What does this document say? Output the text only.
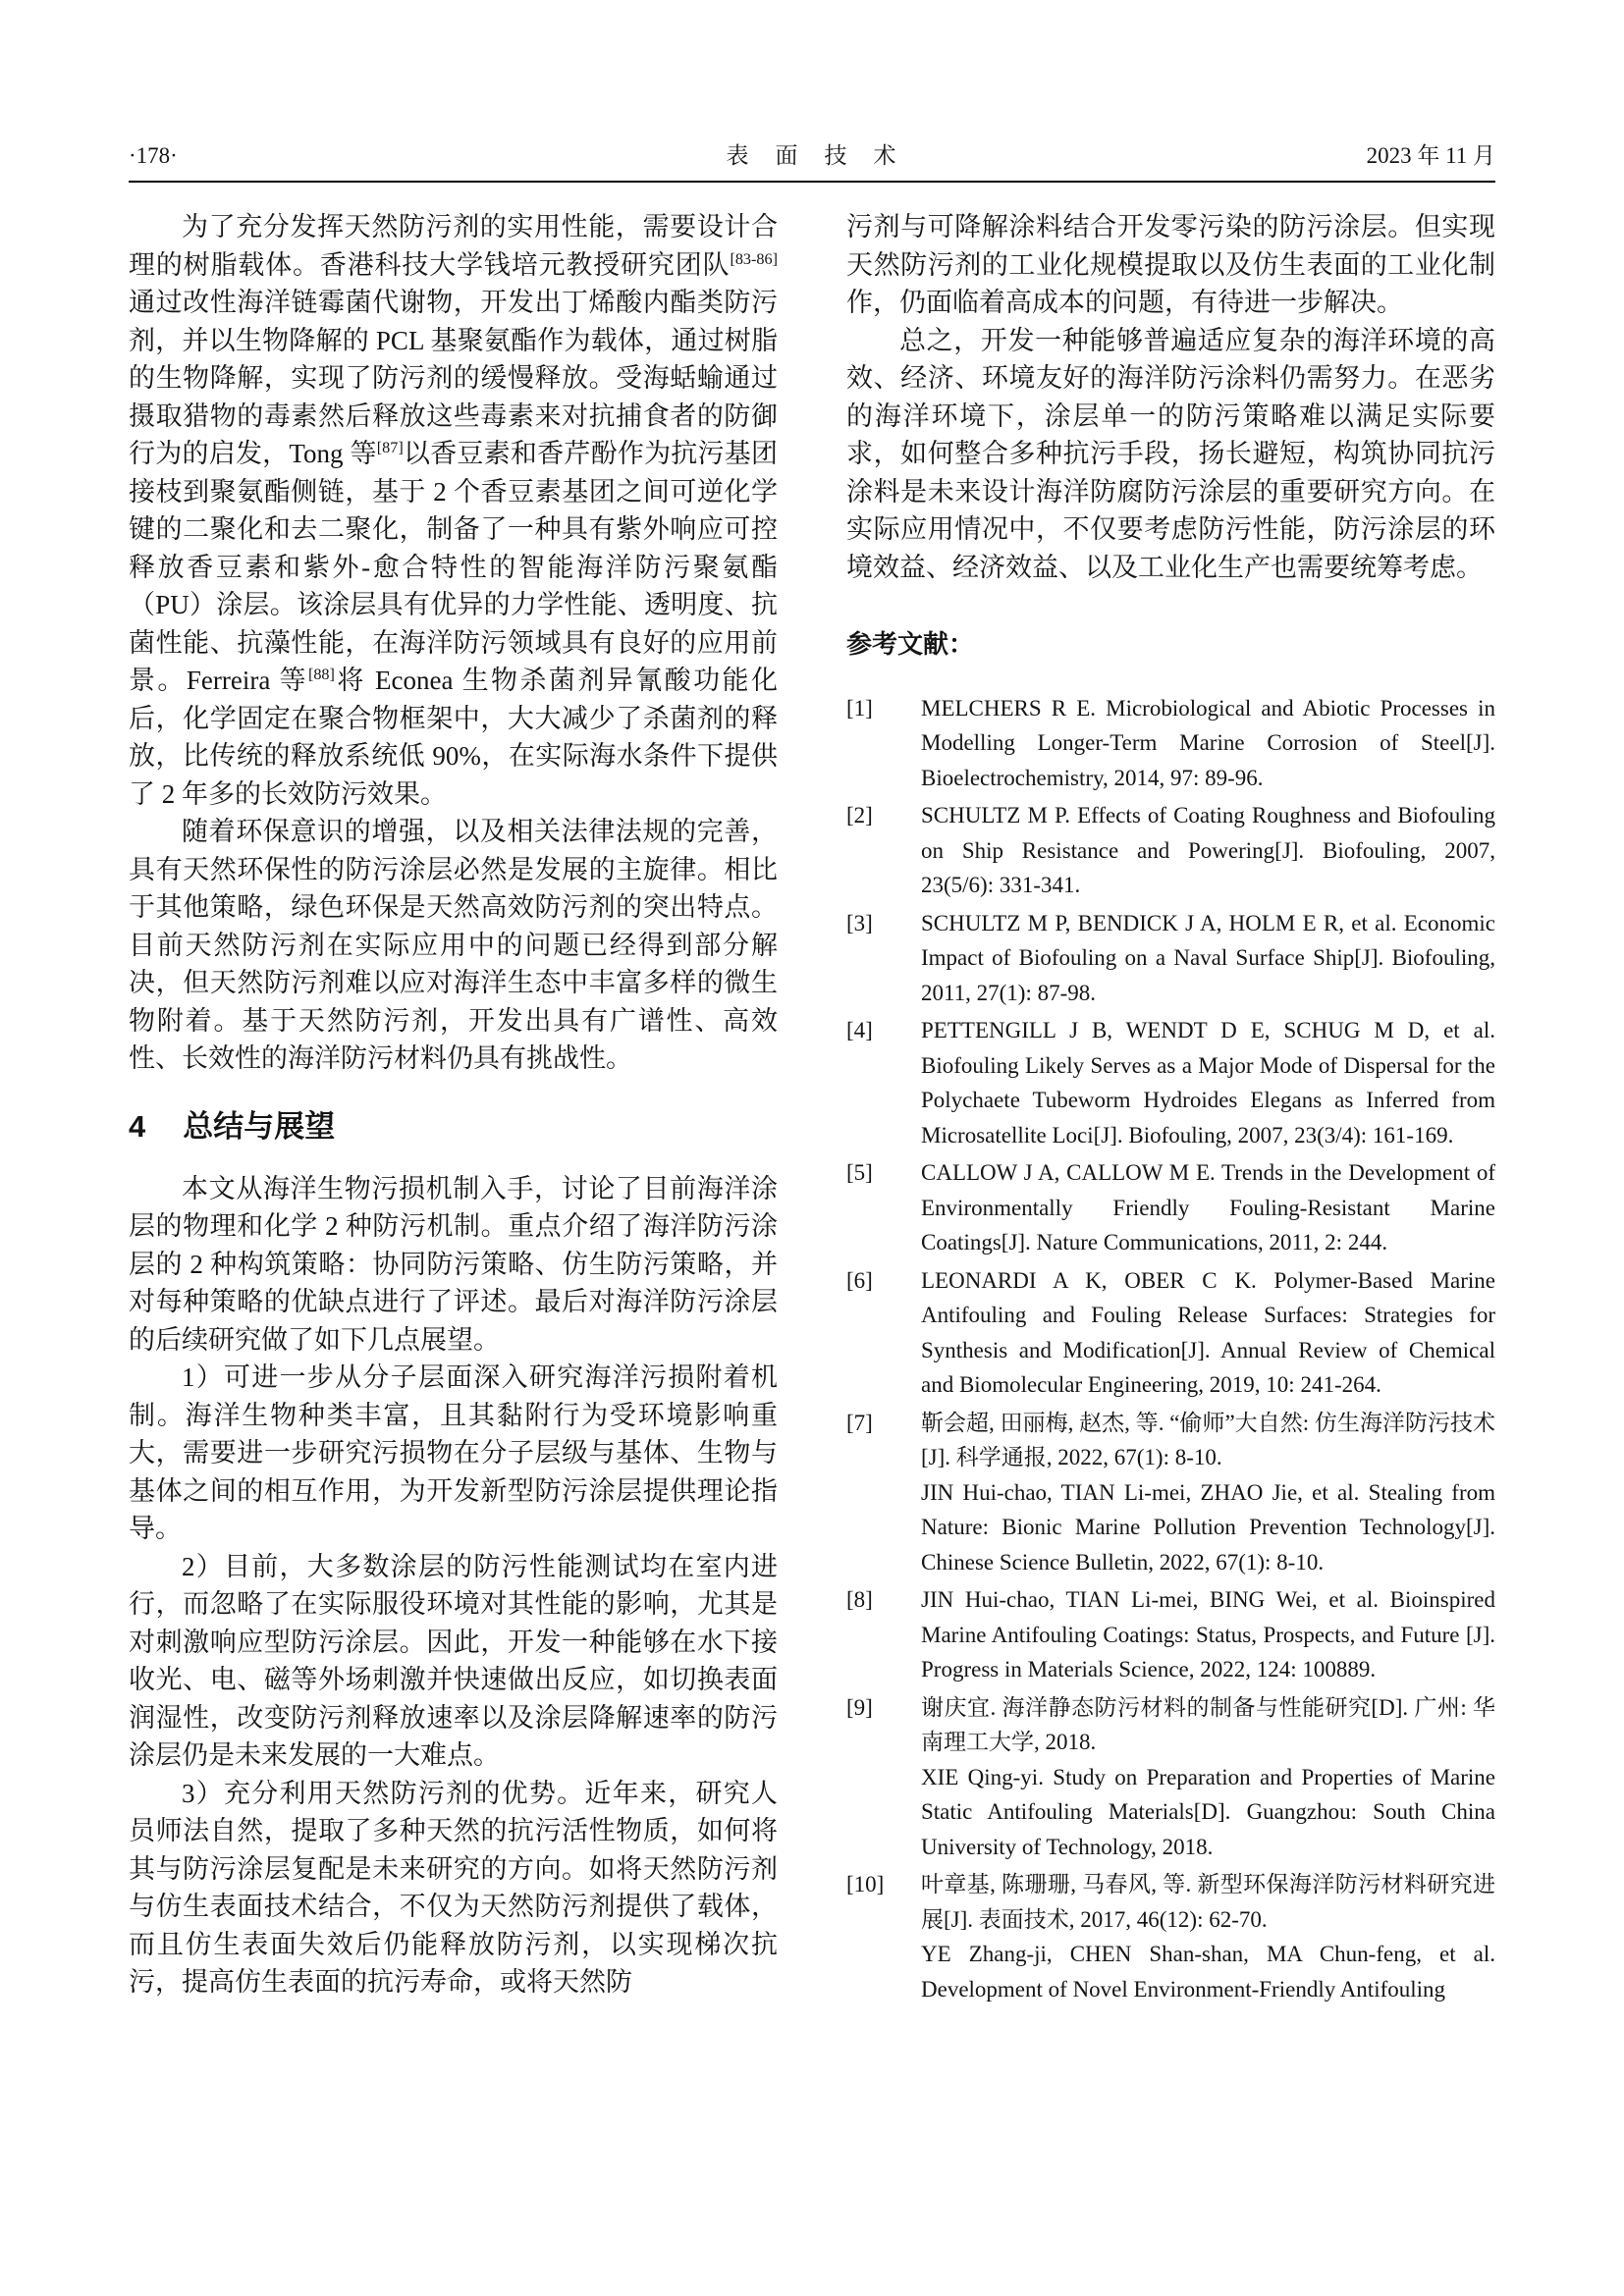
·178·	表　面　技　术	2023 年 11 月

为了充分发挥天然防污剂的实用性能，需要设计合理的树脂载体。香港科技大学钱培元教授研究团队[83-86]通过改性海洋链霉菌代谢物，开发出丁烯酸内酯类防污剂，并以生物降解的 PCL 基聚氨酯作为载体，通过树脂的生物降解，实现了防污剂的缓慢释放。受海蛞蝓通过摄取猎物的毒素然后释放这些毒素来对抗捕食者的防御行为的启发，Tong 等[87]以香豆素和香芹酚作为抗污基团接枝到聚氨酯侧链，基于 2 个香豆素基团之间可逆化学键的二聚化和去二聚化，制备了一种具有紫外响应可控释放香豆素和紫外-愈合特性的智能海洋防污聚氨酯（PU）涂层。该涂层具有优异的力学性能、透明度、抗菌性能、抗藻性能，在海洋防污领域具有良好的应用前景。Ferreira 等[88]将 Econea 生物杀菌剂异氰酸功能化后，化学固定在聚合物框架中，大大减少了杀菌剂的释放，比传统的释放系统低 90%，在实际海水条件下提供了 2 年多的长效防污效果。

随着环保意识的增强，以及相关法律法规的完善，具有天然环保性的防污涂层必然是发展的主旋律。相比于其他策略，绿色环保是天然高效防污剂的突出特点。目前天然防污剂在实际应用中的问题已经得到部分解决，但天然防污剂难以应对海洋生态中丰富多样的微生物附着。基于天然防污剂，开发出具有广谱性、高效性、长效性的海洋防污材料仍具有挑战性。

4 总结与展望

本文从海洋生物污损机制入手，讨论了目前海洋涂层的物理和化学 2 种防污机制。重点介绍了海洋防污涂层的 2 种构筑策略：协同防污策略、仿生防污策略，并对每种策略的优缺点进行了评述。最后对海洋防污涂层的后续研究做了如下几点展望。

1）可进一步从分子层面深入研究海洋污损附着机制。海洋生物种类丰富，且其黏附行为受环境影响重大，需要进一步研究污损物在分子层级与基体、生物与基体之间的相互作用，为开发新型防污涂层提供理论指导。

2）目前，大多数涂层的防污性能测试均在室内进行，而忽略了在实际服役环境对其性能的影响，尤其是对刺激响应型防污涂层。因此，开发一种能够在水下接收光、电、磁等外场刺激并快速做出反应，如切换表面润湿性，改变防污剂释放速率以及涂层降解速率的防污涂层仍是未来发展的一大难点。

3）充分利用天然防污剂的优势。近年来，研究人员师法自然，提取了多种天然的抗污活性物质，如何将其与防污涂层复配是未来研究的方向。如将天然防污剂与仿生表面技术结合，不仅为天然防污剂提供了载体，而且仿生表面失效后仍能释放防污剂，以实现梯次抗污，提高仿生表面的抗污寿命，或将天然防

污剂与可降解涂料结合开发零污染的防污涂层。但实现天然防污剂的工业化规模提取以及仿生表面的工业化制作，仍面临着高成本的问题，有待进一步解决。

总之，开发一种能够普遍适应复杂的海洋环境的高效、经济、环境友好的海洋防污涂料仍需努力。在恶劣的海洋环境下，涂层单一的防污策略难以满足实际要求，如何整合多种抗污手段，扬长避短，构筑协同抗污涂料是未来设计海洋防腐防污涂层的重要研究方向。在实际应用情况中，不仅要考虑防污性能，防污涂层的环境效益、经济效益、以及工业化生产也需要统筹考虑。

参考文献：
[1]	MELCHERS R E. Microbiological and Abiotic Processes in Modelling Longer-Term Marine Corrosion of Steel[J]. Bioelectrochemistry, 2014, 97: 89-96.
[2]	SCHULTZ M P. Effects of Coating Roughness and Biofouling on Ship Resistance and Powering[J]. Biofouling, 2007, 23(5/6): 331-341.
[3]	SCHULTZ M P, BENDICK J A, HOLM E R, et al. Economic Impact of Biofouling on a Naval Surface Ship[J]. Biofouling, 2011, 27(1): 87-98.
[4]	PETTENGILL J B, WENDT D E, SCHUG M D, et al. Biofouling Likely Serves as a Major Mode of Dispersal for the Polychaete Tubeworm Hydroides Elegans as Inferred from Microsatellite Loci[J]. Biofouling, 2007, 23(3/4): 161-169.
[5]	CALLOW J A, CALLOW M E. Trends in the Development of Environmentally Friendly Fouling-Resistant Marine Coatings[J]. Nature Communications, 2011, 2: 244.
[6]	LEONARDI A K, OBER C K. Polymer-Based Marine Antifouling and Fouling Release Surfaces: Strategies for Synthesis and Modification[J]. Annual Review of Chemical and Biomolecular Engineering, 2019, 10: 241-264.
[7]	靳会超, 田丽梅, 赵杰, 等. “偷师”大自然: 仿生海洋防污技术[J]. 科学通报, 2022, 67(1): 8-10.
JIN Hui-chao, TIAN Li-mei, ZHAO Jie, et al. Stealing from Nature: Bionic Marine Pollution Prevention Technology[J]. Chinese Science Bulletin, 2022, 67(1): 8-10.
[8]	JIN Hui-chao, TIAN Li-mei, BING Wei, et al. Bioinspired Marine Antifouling Coatings: Status, Prospects, and Future [J]. Progress in Materials Science, 2022, 124: 100889.
[9]	谢庆宜. 海洋静态防污材料的制备与性能研究[D]. 广州: 华南理工大学, 2018.
XIE Qing-yi. Study on Preparation and Properties of Marine Static Antifouling Materials[D]. Guangzhou: South China University of Technology, 2018.
[10]	叶章基, 陈珊珊, 马春风, 等. 新型环保海洋防污材料研究进展[J]. 表面技术, 2017, 46(12): 62-70.
YE Zhang-ji, CHEN Shan-shan, MA Chun-feng, et al. Development of Novel Environment-Friendly Antifouling
